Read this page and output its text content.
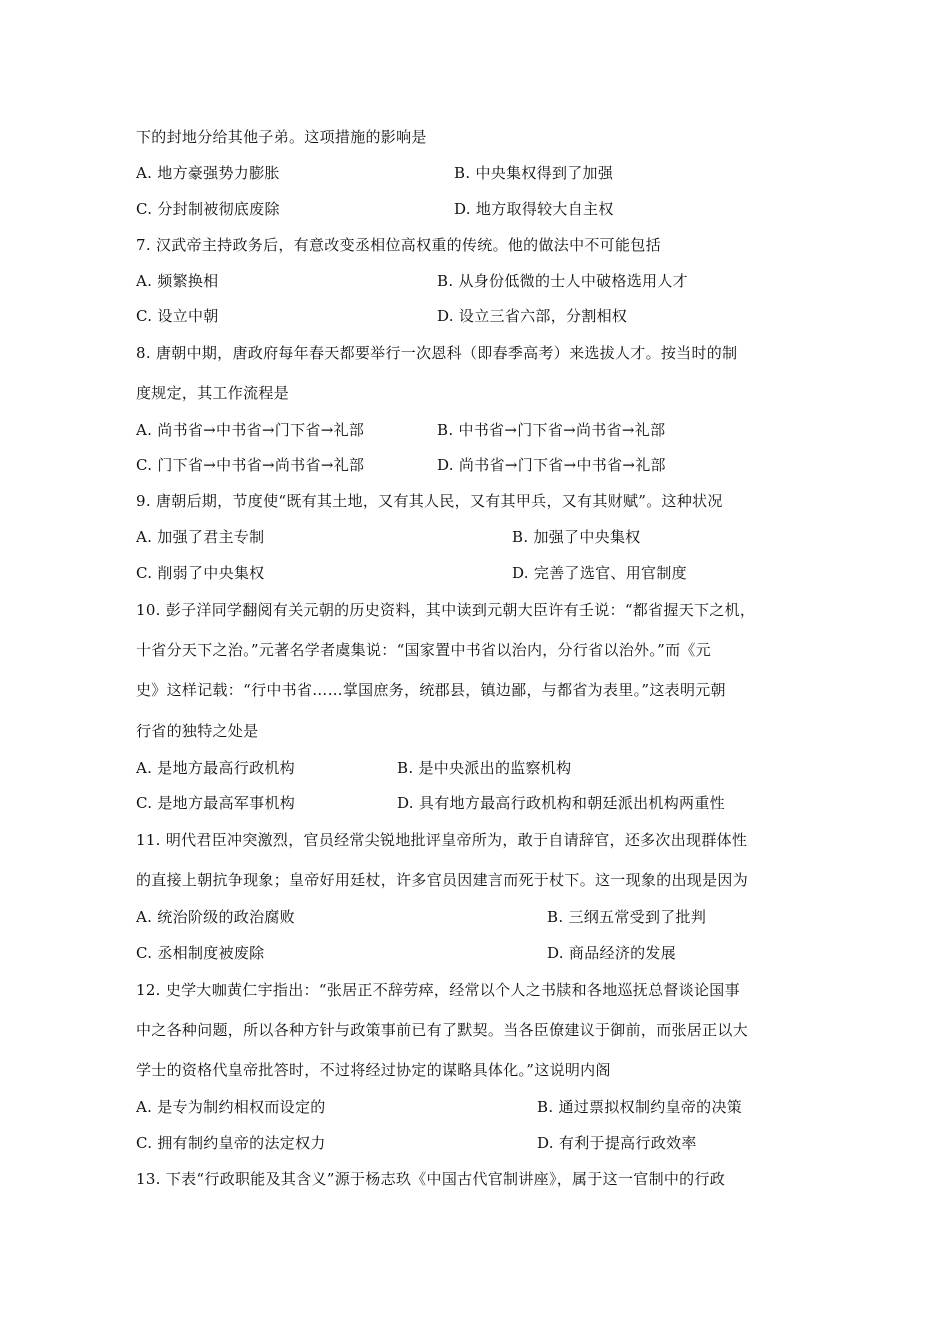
下的封地分给其他子弟。这项措施的影响是
A. 地方豪强势力膨胀	B. 中央集权得到了加强
C. 分封制被彻底废除	D. 地方取得较大自主权
7. 汉武帝主持政务后，有意改变丞相位高权重的传统。他的做法中不可能包括
A. 频繁换相	B. 从身份低微的士人中破格选用人才
C. 设立中朝	D. 设立三省六部，分割相权
8. 唐朝中期，唐政府每年春天都要举行一次恩科（即春季高考）来选拔人才。按当时的制
度规定，其工作流程是
A. 尚书省→中书省→门下省→礼部	B. 中书省→门下省→尚书省→礼部
C. 门下省→中书省→尚书省→礼部	D. 尚书省→门下省→中书省→礼部
9. 唐朝后期，节度使“既有其土地，又有其人民，又有其甲兵，又有其财赋”。这种状况
A. 加强了君主专制	B. 加强了中央集权
C. 削弱了中央集权	D. 完善了选官、用官制度
10. 彭子洋同学翻阅有关元朝的历史资料，其中读到元朝大臣许有壬说：“都省握天下之机，
十省分天下之治。”元著名学者虞集说：“国家置中书省以治内，分行省以治外。”而《元
史》这样记载：“行中书省……掌国庶务，统郡县，镇边鄙，与都省为表里。”这表明元朝
行省的独特之处是
A. 是地方最高行政机构	B. 是中央派出的监察机构
C. 是地方最高军事机构	D. 具有地方最高行政机构和朝廷派出机构两重性
11. 明代君臣冲突激烈，官员经常尖锐地批评皇帝所为，敢于自请辞官，还多次出现群体性
的直接上朝抗争现象；皇帝好用廷杖，许多官员因建言而死于杖下。这一现象的出现是因为
A. 统治阶级的政治腐败	B. 三纲五常受到了批判
C. 丞相制度被废除	D. 商品经济的发展
12. 史学大咖黄仁宇指出：“张居正不辞劳瘁，经常以个人之书牍和各地巡抚总督谈论国事
中之各种问题，所以各种方针与政策事前已有了默契。当各臣僚建议于御前，而张居正以大
学士的资格代皇帝批答时，不过将经过协定的谋略具体化。”这说明内阁
A. 是专为制约相权而设定的	B. 通过票拟权制约皇帝的决策
C. 拥有制约皇帝的法定权力	D. 有利于提高行政效率
13. 下表“行政职能及其含义”源于杨志玖《中国古代官制讲座》，属于这一官制中的行政
